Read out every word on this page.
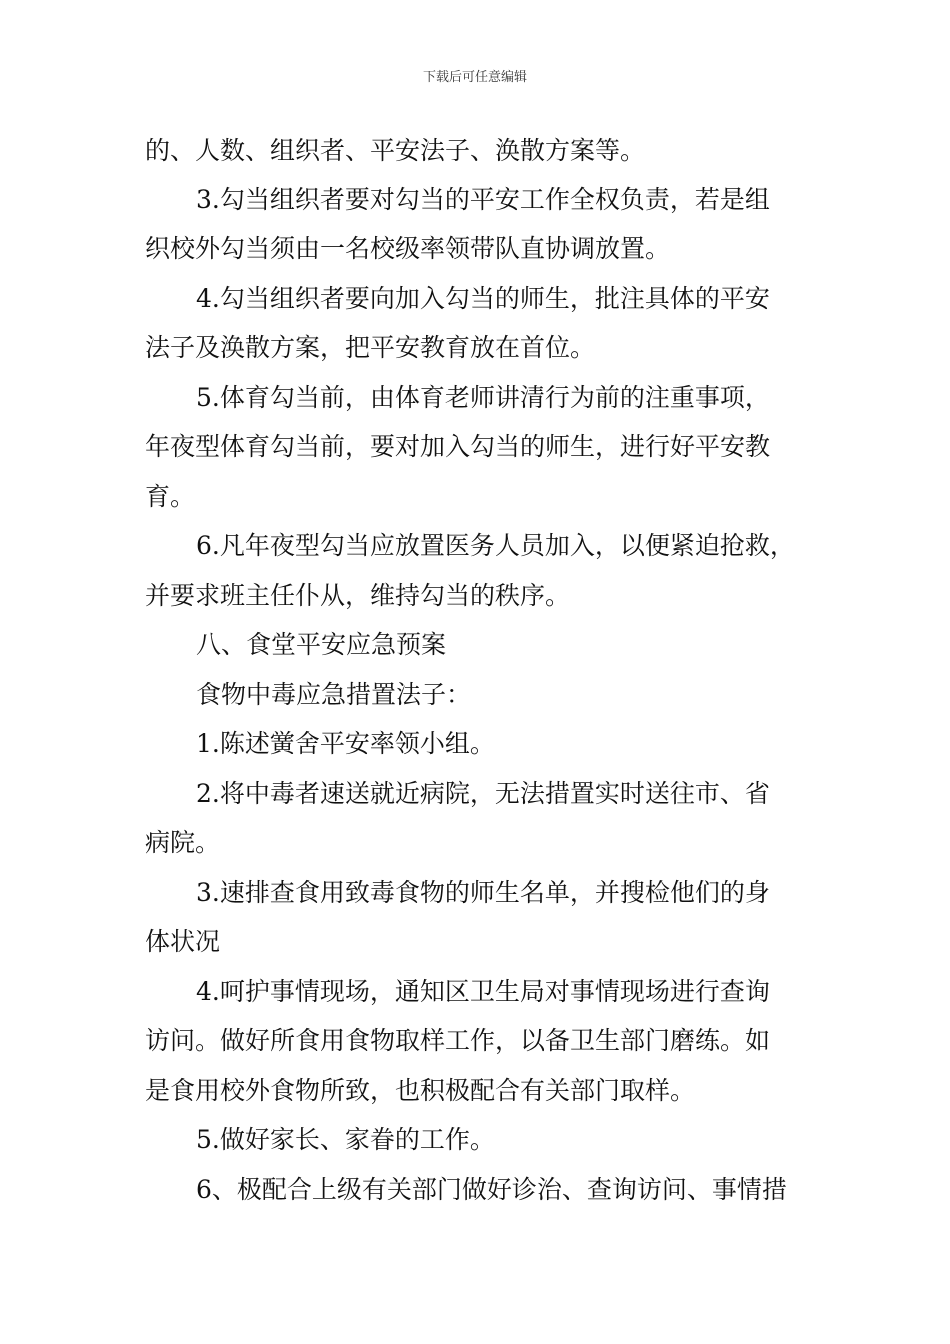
下载后可任意编辑
的、人数、组织者、平安法子、涣散方案等。
3.勾当组织者要对勾当的平安工作全权负责，若是组
织校外勾当须由一名校级率领带队直协调放置。
4.勾当组织者要向加入勾当的师生，批注具体的平安
法子及涣散方案，把平安教育放在首位。
5.体育勾当前，由体育老师讲清行为前的注重事项，
年夜型体育勾当前，要对加入勾当的师生，进行好平安教
育。
6.凡年夜型勾当应放置医务人员加入，以便紧迫抢救，
并要求班主任仆从，维持勾当的秩序。
八、食堂平安应急预案
食物中毒应急措置法子：
1.陈述黉舍平安率领小组。
2.将中毒者速送就近病院，无法措置实时送往市、省
病院。
3.速排查食用致毒食物的师生名单，并搜检他们的身
体状况
4.呵护事情现场，通知区卫生局对事情现场进行查询
访问。做好所食用食物取样工作，以备卫生部门磨练。如
是食用校外食物所致，也积极配合有关部门取样。
5.做好家长、家眷的工作。
6、极配合上级有关部门做好诊治、查询访问、事情措
